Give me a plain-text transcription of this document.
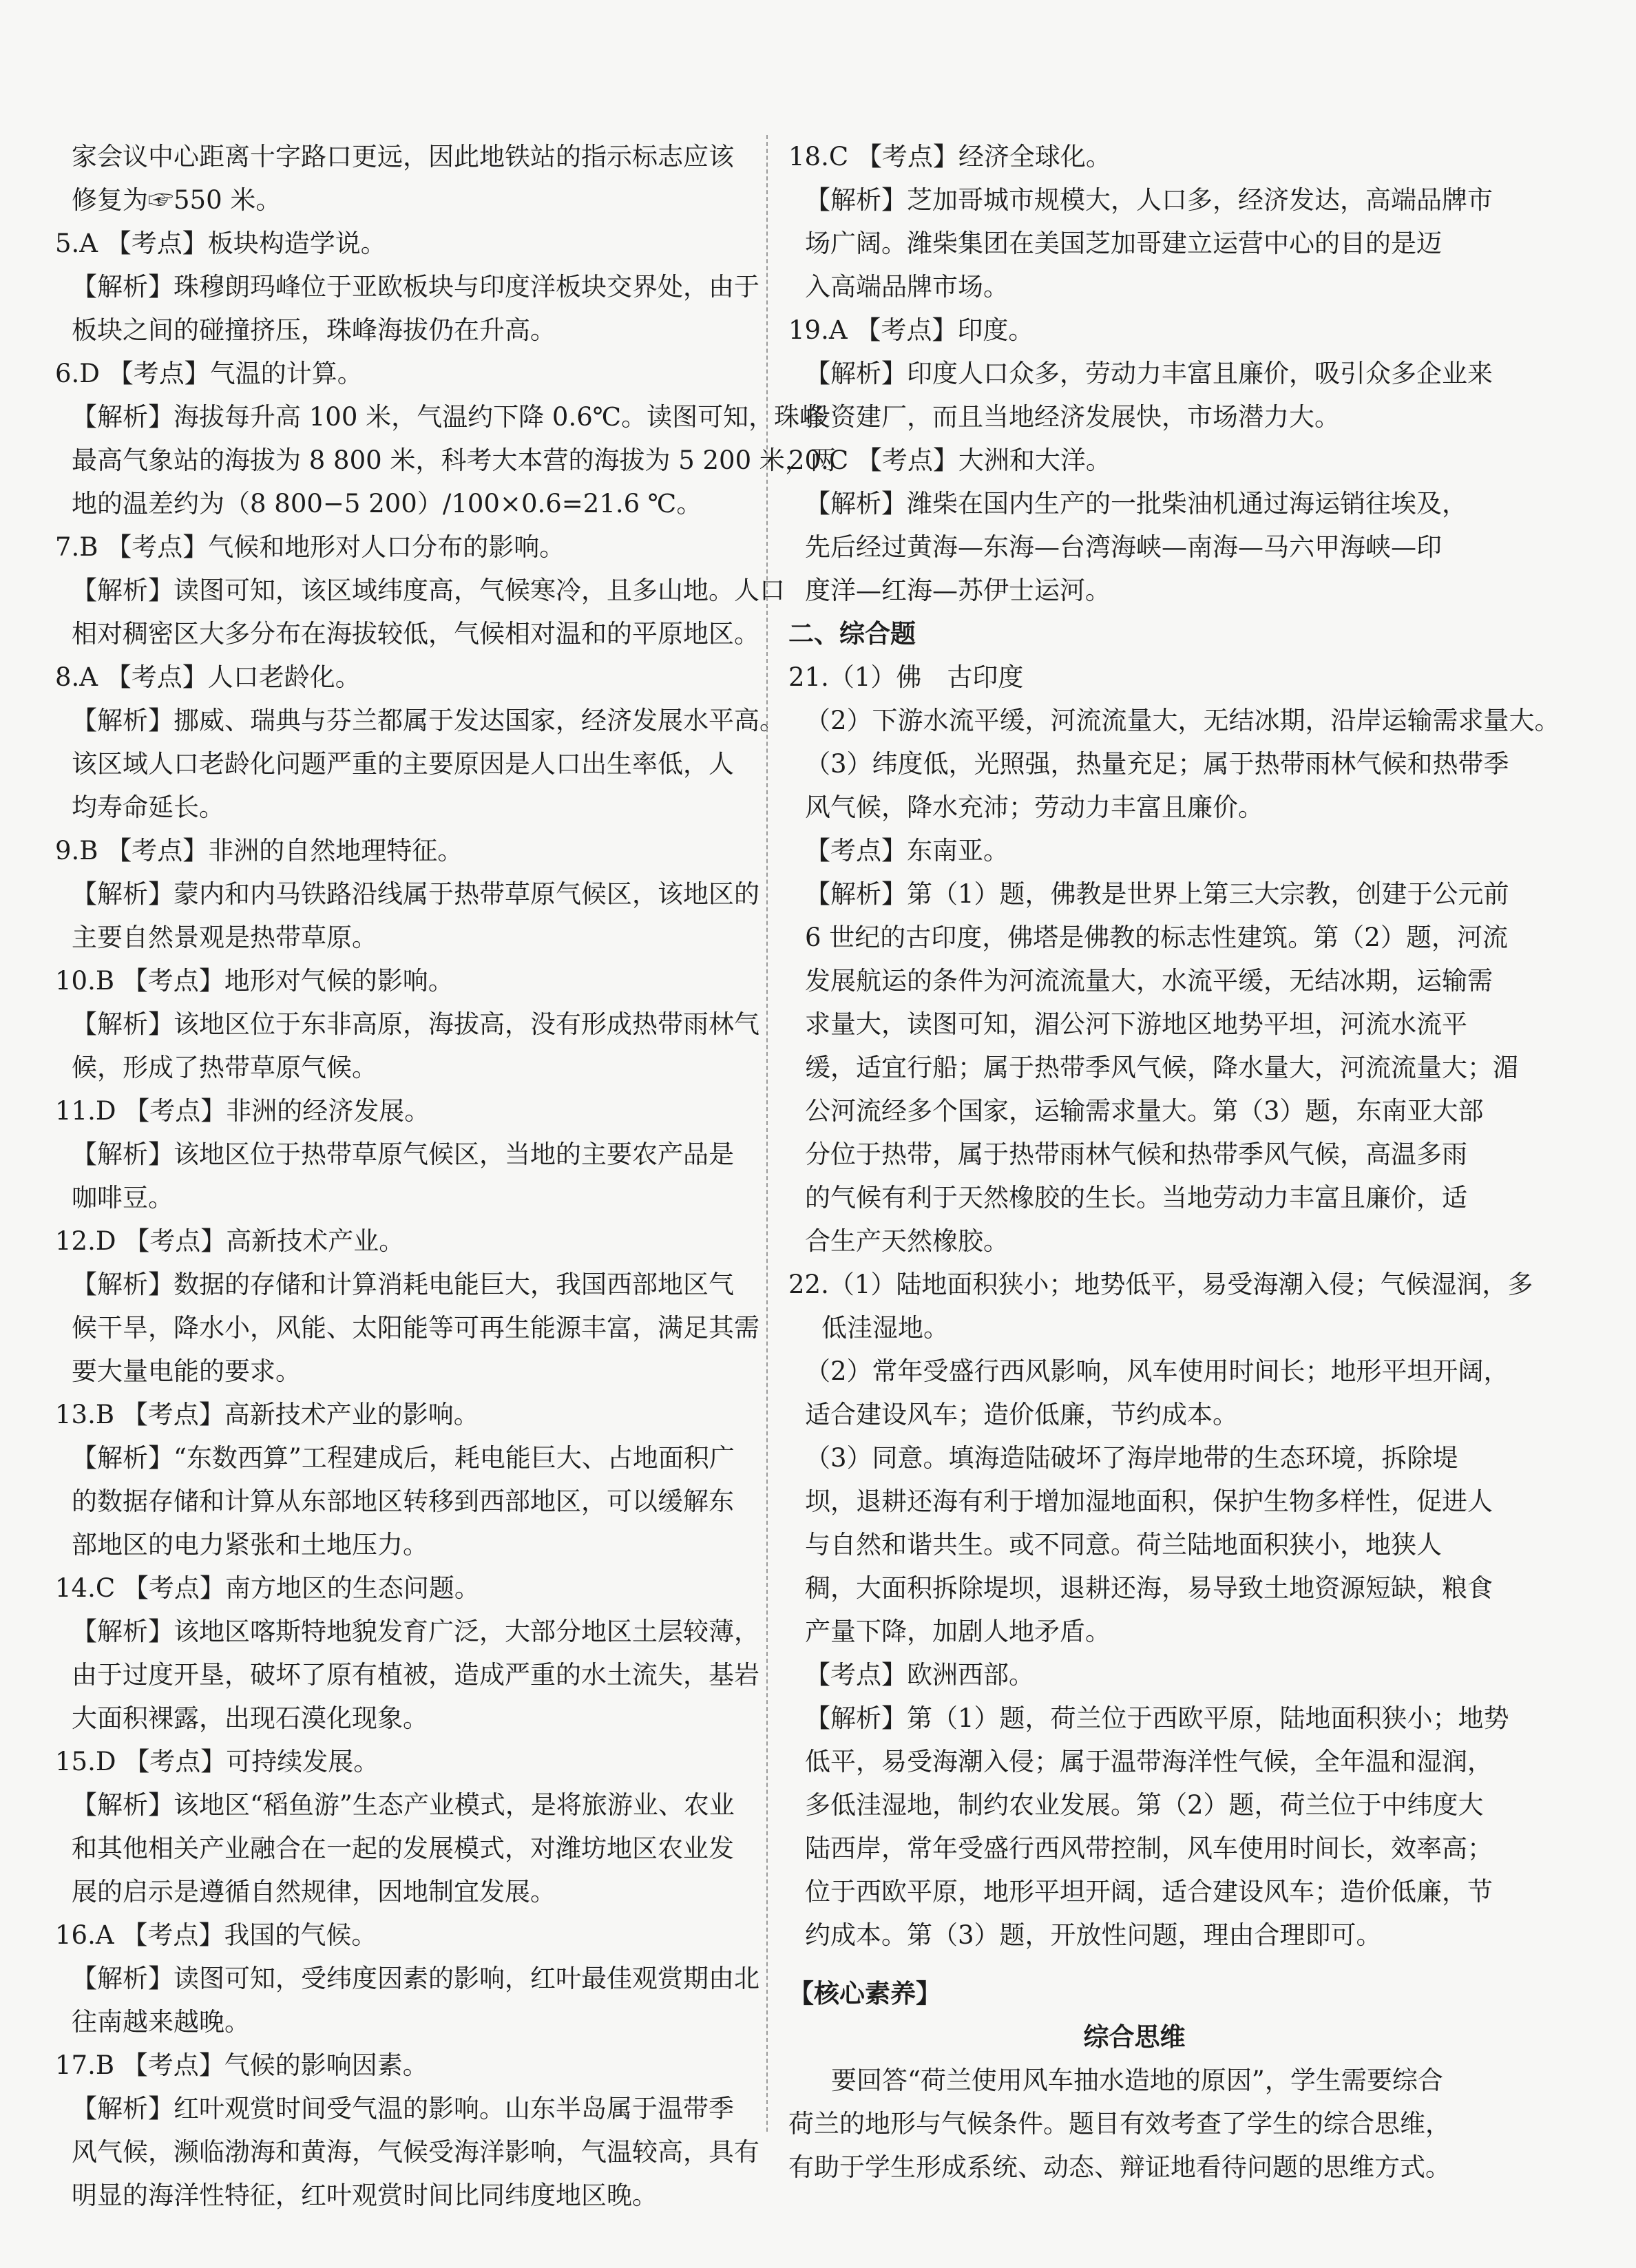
家会议中心距离十字路口更远，因此地铁站的指示标志应该
修复为☞550 米。
5.A 【考点】板块构造学说。
【解析】珠穆朗玛峰位于亚欧板块与印度洋板块交界处，由于
板块之间的碰撞挤压，珠峰海拔仍在升高。
6.D 【考点】气温的计算。
【解析】海拔每升高 100 米，气温约下降 0.6℃。读图可知，珠峰
最高气象站的海拔为 8 800 米，科考大本营的海拔为 5 200 米，两
地的温差约为（8 800−5 200）/100×0.6=21.6 ℃。
7.B 【考点】气候和地形对人口分布的影响。
【解析】读图可知，该区域纬度高，气候寒冷，且多山地。人口
相对稠密区大多分布在海拔较低，气候相对温和的平原地区。
8.A 【考点】人口老龄化。
【解析】挪威、瑞典与芬兰都属于发达国家，经济发展水平高。
该区域人口老龄化问题严重的主要原因是人口出生率低，人
均寿命延长。
9.B 【考点】非洲的自然地理特征。
【解析】蒙内和内马铁路沿线属于热带草原气候区，该地区的
主要自然景观是热带草原。
10.B 【考点】地形对气候的影响。
【解析】该地区位于东非高原，海拔高，没有形成热带雨林气
候，形成了热带草原气候。
11.D 【考点】非洲的经济发展。
【解析】该地区位于热带草原气候区，当地的主要农产品是
咖啡豆。
12.D 【考点】高新技术产业。
【解析】数据的存储和计算消耗电能巨大，我国西部地区气
候干旱，降水小，风能、太阳能等可再生能源丰富，满足其需
要大量电能的要求。
13.B 【考点】高新技术产业的影响。
【解析】“东数西算”工程建成后，耗电能巨大、占地面积广
的数据存储和计算从东部地区转移到西部地区，可以缓解东
部地区的电力紧张和土地压力。
14.C 【考点】南方地区的生态问题。
【解析】该地区喀斯特地貌发育广泛，大部分地区土层较薄，
由于过度开垦，破坏了原有植被，造成严重的水土流失，基岩
大面积裸露，出现石漠化现象。
15.D 【考点】可持续发展。
【解析】该地区“稻鱼游”生态产业模式，是将旅游业、农业
和其他相关产业融合在一起的发展模式，对潍坊地区农业发
展的启示是遵循自然规律，因地制宜发展。
16.A 【考点】我国的气候。
【解析】读图可知，受纬度因素的影响，红叶最佳观赏期由北
往南越来越晚。
17.B 【考点】气候的影响因素。
【解析】红叶观赏时间受气温的影响。山东半岛属于温带季
风气候，濒临渤海和黄海，气候受海洋影响，气温较高，具有
明显的海洋性特征，红叶观赏时间比同纬度地区晚。
18.C 【考点】经济全球化。
【解析】芝加哥城市规模大，人口多，经济发达，高端品牌市
场广阔。潍柴集团在美国芝加哥建立运营中心的目的是迈
入高端品牌市场。
19.A 【考点】印度。
【解析】印度人口众多，劳动力丰富且廉价，吸引众多企业来
投资建厂，而且当地经济发展快，市场潜力大。
20.C 【考点】大洲和大洋。
【解析】潍柴在国内生产的一批柴油机通过海运销往埃及，
先后经过黄海—东海—台湾海峡—南海—马六甲海峡—印
度洋—红海—苏伊士运河。
二、综合题
21.（1）佛　古印度
（2）下游水流平缓，河流流量大，无结冰期，沿岸运输需求量大。
（3）纬度低，光照强，热量充足；属于热带雨林气候和热带季
风气候，降水充沛；劳动力丰富且廉价。
【考点】东南亚。
【解析】第（1）题，佛教是世界上第三大宗教，创建于公元前
6 世纪的古印度，佛塔是佛教的标志性建筑。第（2）题，河流
发展航运的条件为河流流量大，水流平缓，无结冰期，运输需
求量大，读图可知，湄公河下游地区地势平坦，河流水流平
缓，适宜行船；属于热带季风气候，降水量大，河流流量大；湄
公河流经多个国家，运输需求量大。第（3）题，东南亚大部
分位于热带，属于热带雨林气候和热带季风气候，高温多雨
的气候有利于天然橡胶的生长。当地劳动力丰富且廉价，适
合生产天然橡胶。
22.（1）陆地面积狭小；地势低平，易受海潮入侵；气候湿润，多
低洼湿地。
（2）常年受盛行西风影响，风车使用时间长；地形平坦开阔，
适合建设风车；造价低廉，节约成本。
（3）同意。填海造陆破坏了海岸地带的生态环境，拆除堤
坝，退耕还海有利于增加湿地面积，保护生物多样性，促进人
与自然和谐共生。或不同意。荷兰陆地面积狭小，地狭人
稠，大面积拆除堤坝，退耕还海，易导致土地资源短缺，粮食
产量下降，加剧人地矛盾。
【考点】欧洲西部。
【解析】第（1）题，荷兰位于西欧平原，陆地面积狭小；地势
低平，易受海潮入侵；属于温带海洋性气候，全年温和湿润，
多低洼湿地，制约农业发展。第（2）题，荷兰位于中纬度大
陆西岸，常年受盛行西风带控制，风车使用时间长，效率高；
位于西欧平原，地形平坦开阔，适合建设风车；造价低廉，节
约成本。第（3）题，开放性问题，理由合理即可。
【核心素养】
综合思维
要回答“荷兰使用风车抽水造地的原因”，学生需要综合
荷兰的地形与气候条件。题目有效考查了学生的综合思维，
有助于学生形成系统、动态、辩证地看待问题的思维方式。
